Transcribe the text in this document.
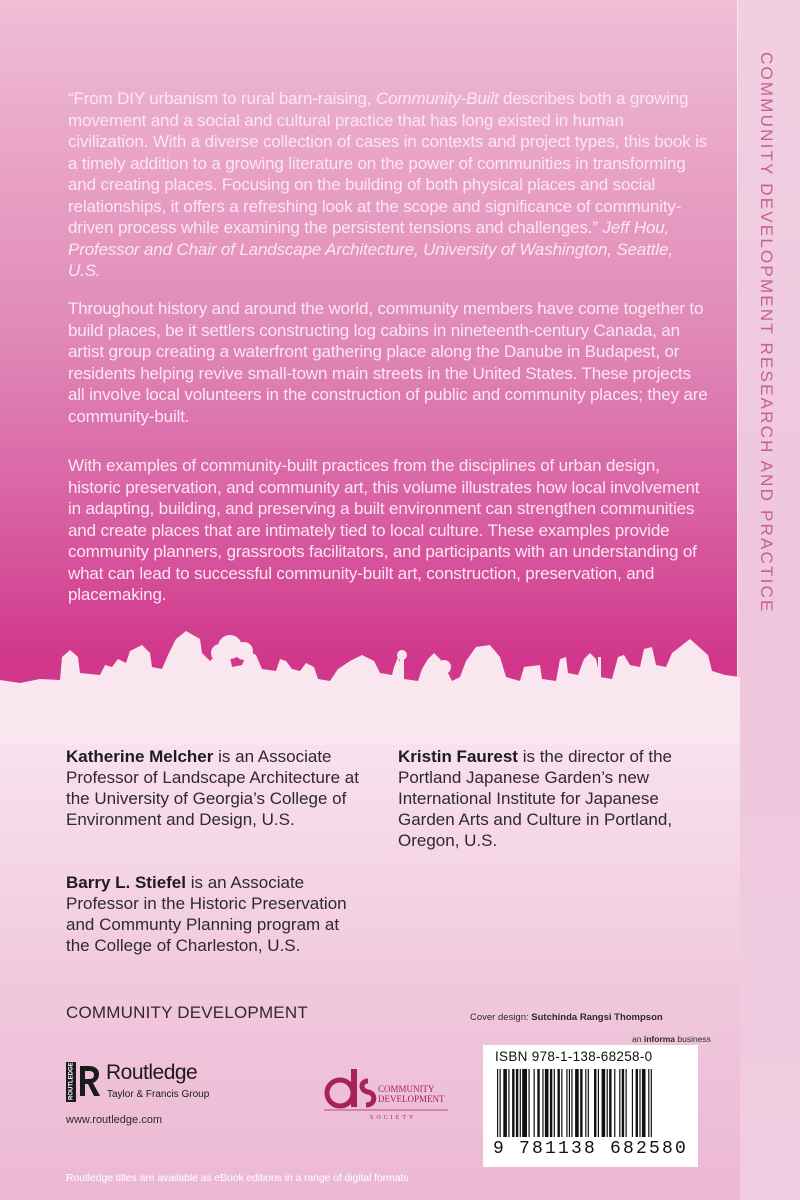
COMMUNITY DEVELOPMENT RESEARCH AND PRACTICE

“From DIY urbanism to rural barn-raising, Community-Built describes both a growing movement and a social and cultural practice that has long existed in human civilization. With a diverse collection of cases in contexts and project types, this book is a timely addition to a growing literature on the power of communities in transforming and creating places. Focusing on the building of both physical places and social relationships, it offers a refreshing look at the scope and significance of community-driven process while examining the persistent tensions and challenges.” Jeff Hou, Professor and Chair of Landscape Architecture, University of Washington, Seattle, U.S.

Throughout history and around the world, community members have come together to build places, be it settlers constructing log cabins in nineteenth-century Canada, an artist group creating a waterfront gathering place along the Danube in Budapest, or residents helping revive small-town main streets in the United States. These projects all involve local volunteers in the construction of public and community places; they are community-built.

With examples of community-built practices from the disciplines of urban design, historic preservation, and community art, this volume illustrates how local involvement in adapting, building, and preserving a built environment can strengthen communities and create places that are intimately tied to local culture. These examples provide community planners, grassroots facilitators, and participants with an understanding of what can lead to successful community-built art, construction, preservation, and placemaking.

Katherine Melcher is an Associate Professor of Landscape Architecture at the University of Georgia’s College of Environment and Design, U.S.

Barry L. Stiefel is an Associate Professor in the Historic Preservation and Communty Planning program at the College of Charleston, U.S.

Kristin Faurest is the director of the Portland Japanese Garden’s new International Institute for Japanese Garden Arts and Culture in Portland, Oregon, U.S.

COMMUNITY DEVELOPMENT	Cover design: Sutchinda Rangsi Thompson
an informa business
ISBN 978-1-138-68258-0
9 781138 682580
ROUTLEDGE Routledge
Taylor & Francis Group
www.routledge.com
COMMUNITY
DEVELOPMENT
SOCIETY
Routledge titles are available as eBook editions in a range of digital formats
